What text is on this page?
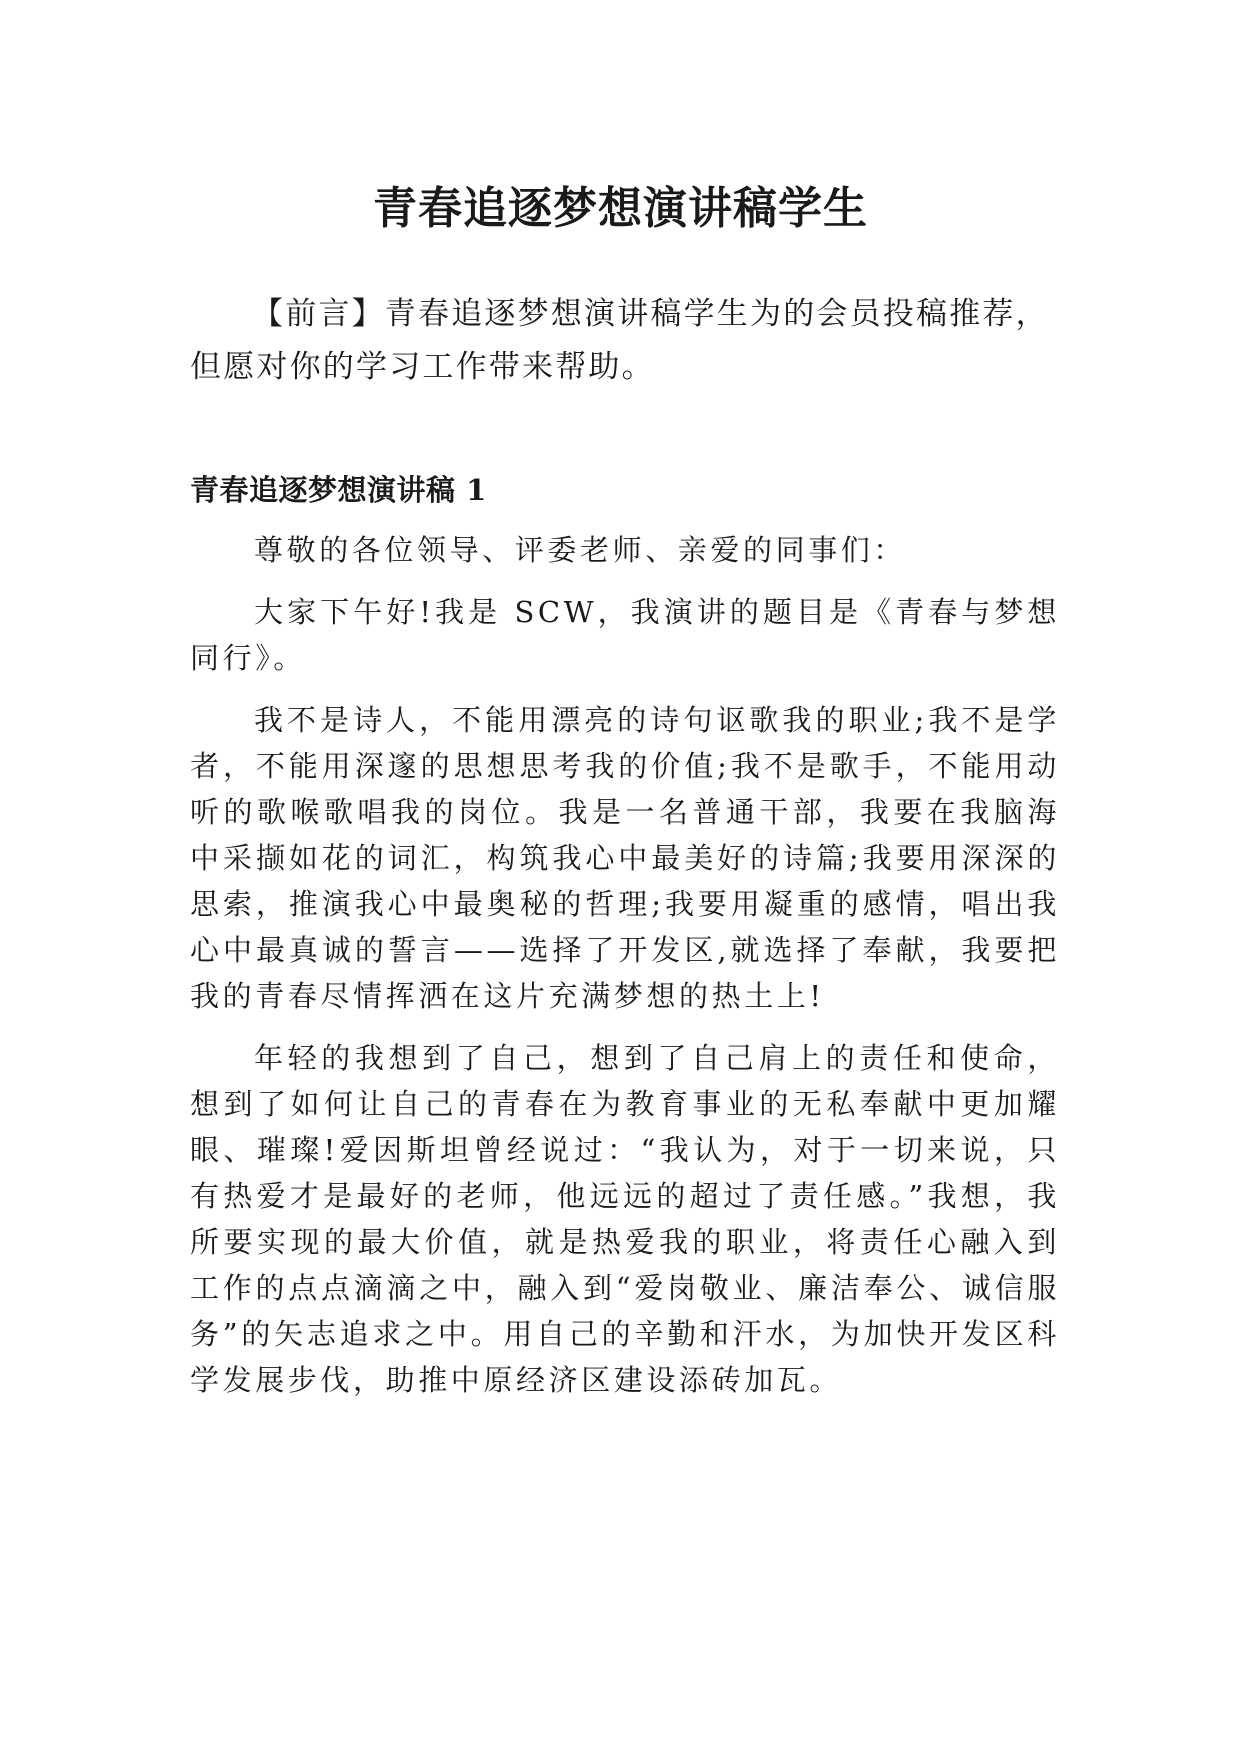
青春追逐梦想演讲稿学生

【前言】青春追逐梦想演讲稿学生为的会员投稿推荐，但愿对你的学习工作带来帮助。

青春追逐梦想演讲稿 1

尊敬的各位领导、评委老师、亲爱的同事们：

大家下午好!我是 SCW，我演讲的题目是《青春与梦想同行》。

我不是诗人，不能用漂亮的诗句讴歌我的职业;我不是学者，不能用深邃的思想思考我的价值;我不是歌手，不能用动听的歌喉歌唱我的岗位。我是一名普通干部，我要在我脑海中采撷如花的词汇，构筑我心中最美好的诗篇;我要用深深的思索，推演我心中最奥秘的哲理;我要用凝重的感情，唱出我心中最真诚的誓言——选择了开发区,就选择了奉献，我要把我的青春尽情挥洒在这片充满梦想的热土上!

年轻的我想到了自己，想到了自己肩上的责任和使命，想到了如何让自己的青春在为教育事业的无私奉献中更加耀眼、璀璨!爱因斯坦曾经说过：“我认为，对于一切来说，只有热爱才是最好的老师，他远远的超过了责任感。”我想，我所要实现的最大价值，就是热爱我的职业，将责任心融入到工作的点点滴滴之中，融入到“爱岗敬业、廉洁奉公、诚信服务”的矢志追求之中。用自己的辛勤和汗水，为加快开发区科学发展步伐，助推中原经济区建设添砖加瓦。
